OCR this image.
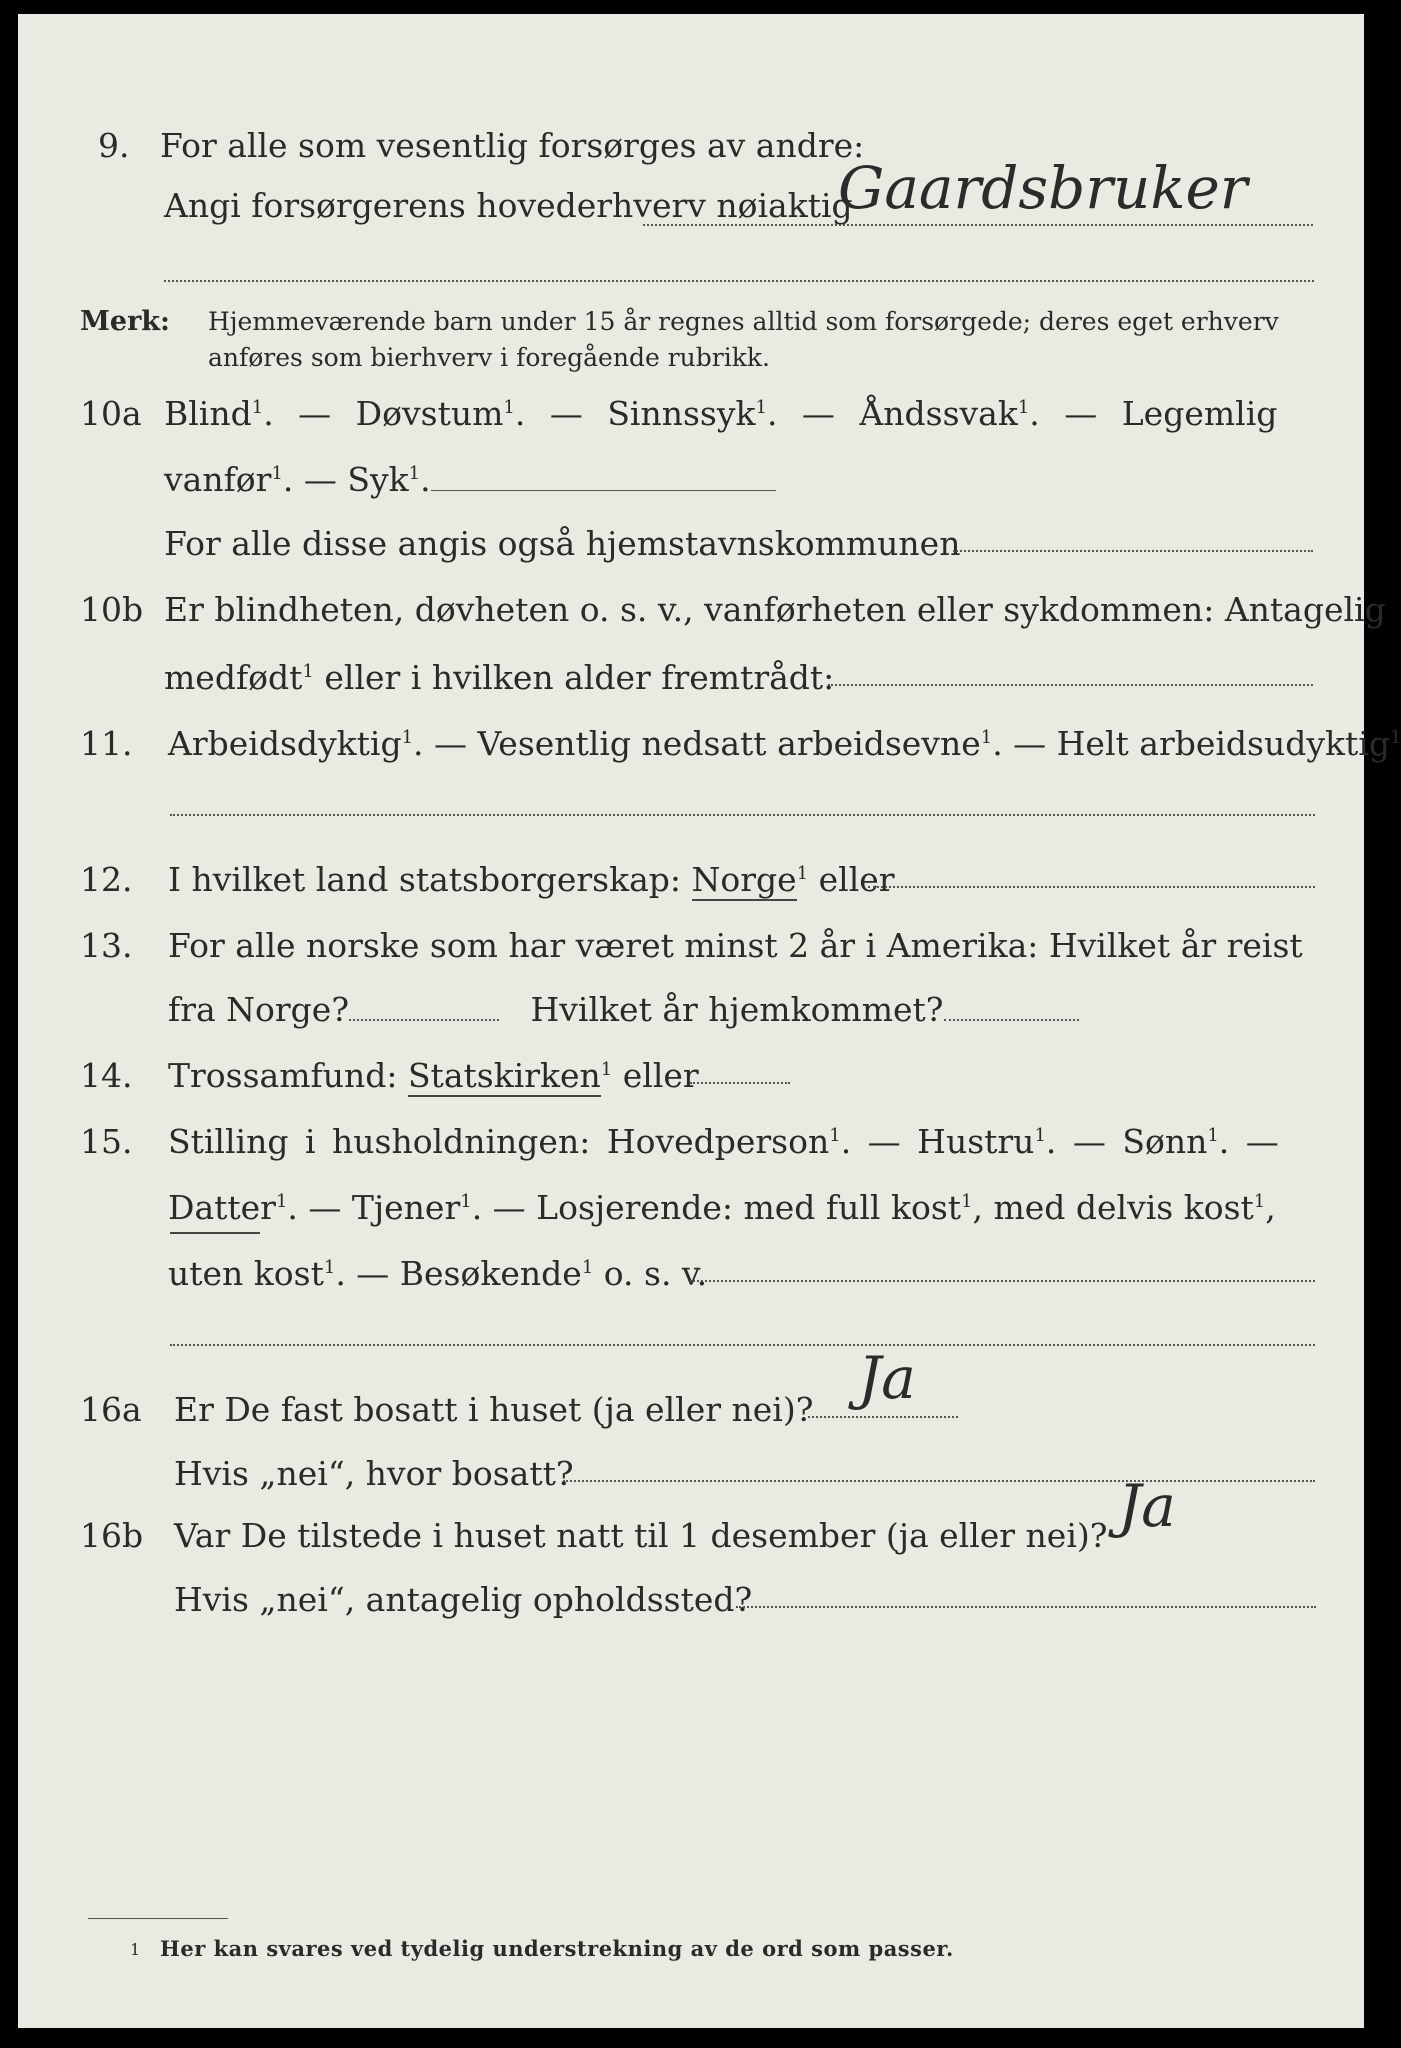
9. For alle som vesentlig forsørges av andre:
Angi forsørgerens hovederhverv nøiaktig
Gaardsbruker
Merk: Hjemmeværende barn under 15 år regnes alltid som forsørgede; deres eget erhverv
anføres som bierhverv i foregående rubrikk.
10a Blind$^1$. — Døvstum$^1$. — Sinnssyk$^1$. — Åndssvak$^1$. — Legemlig
vanfør$^1$. — Syk$^1$.
For alle disse angis også hjemstavnskommunen
10b Er blindheten, døvheten o. s. v., vanførheten eller sykdommen: Antagelig
medfødt$^1$ eller i hvilken alder fremtrådt:
11. Arbeidsdyktig$^1$. — Vesentlig nedsatt arbeidsevne$^1$. — Helt arbeidsudyktig$^1$
12. I hvilket land statsborgerskap: Norge$^1$ eller
13. For alle norske som har været minst 2 år i Amerika: Hvilket år reist
fra Norge?	Hvilket år hjemkommet?
14. Trossamfund: Statskirken$^1$ eller
15. Stilling i husholdningen: Hovedperson$^1$. — Hustru$^1$. — Sønn$^1$. —
Datter$^1$. — Tjener$^1$. — Losjerende: med full kost$^1$, med delvis kost$^1$,
uten kost$^1$. — Besøkende$^1$ o. s. v.
16a Er De fast bosatt i huset (ja eller nei)? Ja
Hvis „nei“, hvor bosatt?
16b Var De tilstede i huset natt til 1 desember (ja eller nei)? Ja
Hvis „nei“, antagelig opholdssted?
1 Her kan svares ved tydelig understrekning av de ord som passer.
